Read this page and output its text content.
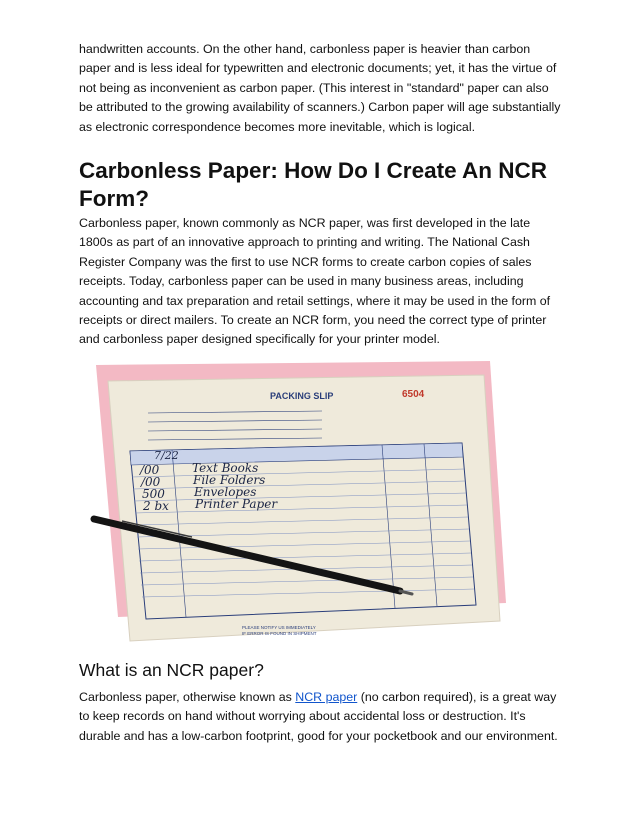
handwritten accounts. On the other hand, carbonless paper is heavier than carbon
paper and is less ideal for typewritten and electronic documents; yet, it has the virtue of
not being as inconvenient as carbon paper. (This interest in "standard" paper can also
be attributed to the growing availability of scanners.) Carbon paper will age substantially
as electronic correspondence becomes more inevitable, which is logical.
Carbonless Paper: How Do I Create An NCR
Form?
Carbonless paper, known commonly as NCR paper, was first developed in the late
1800s as part of an innovative approach to printing and writing. The National Cash
Register Company was the first to use NCR forms to create carbon copies of sales
receipts. Today, carbonless paper can be used in many business areas, including
accounting and tax preparation and retail settings, where it may be used in the form of
receipts or direct mailers. To create an NCR form, you need the correct type of printer
and carbonless paper designed specifically for your printer model.
PACKING SLIP	6504
7/22
/00	Text Books
/00	File Folders
500 Envelopes
2 bx Printer Paper
PLEASE NOTIFY US IMMEDIATELY
IF ERROR IS FOUND IN SHIPMENT
What is an NCR paper?
Carbonless paper, otherwise known as NCR paper (no carbon required), is a great way
to keep records on hand without worrying about accidental loss or destruction. It's
durable and has a low-carbon footprint, good for your pocketbook and our environment.
